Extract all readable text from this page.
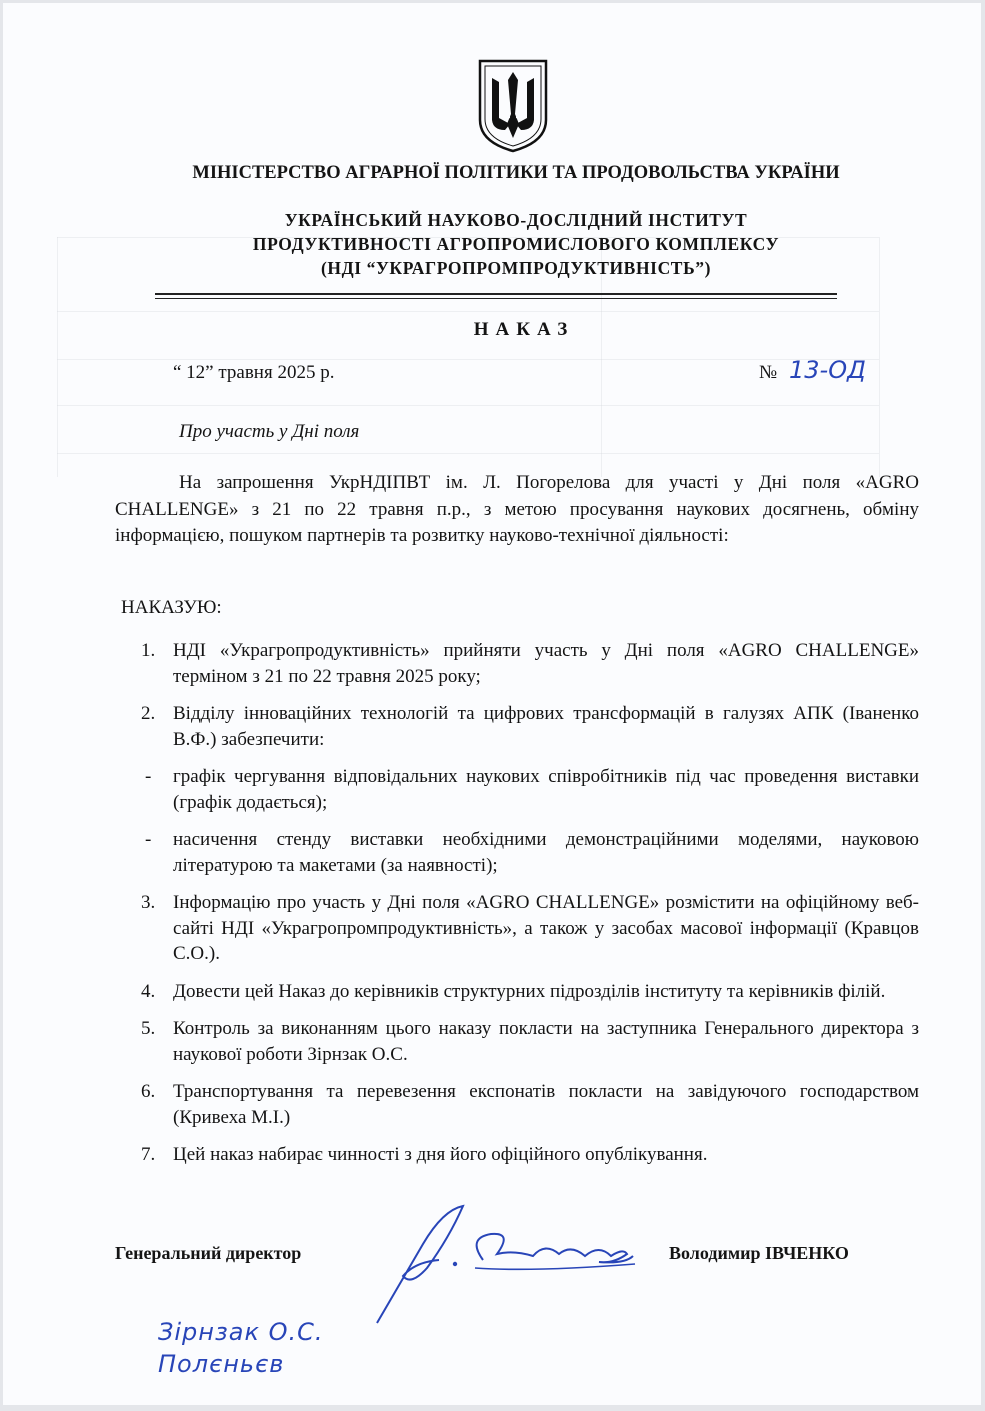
МІНІСТЕРСТВО АГРАРНОЇ ПОЛІТИКИ ТА ПРОДОВОЛЬСТВА УКРАЇНИ
УКРАЇНСЬКИЙ НАУКОВО-ДОСЛІДНИЙ ІНСТИТУТ
ПРОДУКТИВНОСТІ АГРОПРОМИСЛОВОГО КОМПЛЕКСУ
(НДІ “УКРАГРОПРОМПРОДУКТИВНІСТЬ”)
НАКАЗ
“ 12” травня 2025 р.	№ 13-ОД
Про участь у Дні поля
На запрошення УкрНДІПВТ ім. Л. Погорелова для участі у Дні поля «AGRO CHALLENGE» з 21 по 22 травня п.р., з метою просування наукових досягнень, обміну інформацією, пошуком партнерів та розвитку науково-технічної діяльності:
НАКАЗУЮ:
1. НДІ «Украгропродуктивність» прийняти участь у Дні поля «AGRO CHALLENGE» терміном з 21 по 22 травня 2025 року;
2. Відділу інноваційних технологій та цифрових трансформацій в галузях АПК (Іваненко В.Ф.) забезпечити:
- графік чергування відповідальних наукових співробітників під час проведення виставки (графік додається);
- насичення стенду виставки необхідними демонстраційними моделями, науковою літературою та макетами (за наявності);
3. Інформацію про участь у Дні поля «AGRO CHALLENGE» розмістити на офіційному веб-сайті НДІ «Украгропромпродуктивність», а також у засобах масової інформації (Кравцов С.О.).
4. Довести цей Наказ до керівників структурних підрозділів інституту та керівників філій.
5. Контроль за виконанням цього наказу покласти на заступника Генерального директора з наукової роботи Зірнзак О.С.
6. Транспортування та перевезення експонатів покласти на завідуючого господарством (Кривеха М.І.)
7. Цей наказ набирає чинності з дня його офіційного опублікування.
Генеральний директор	Володимир ІВЧЕНКО
Зірнзак О.С.
Полєньєв
